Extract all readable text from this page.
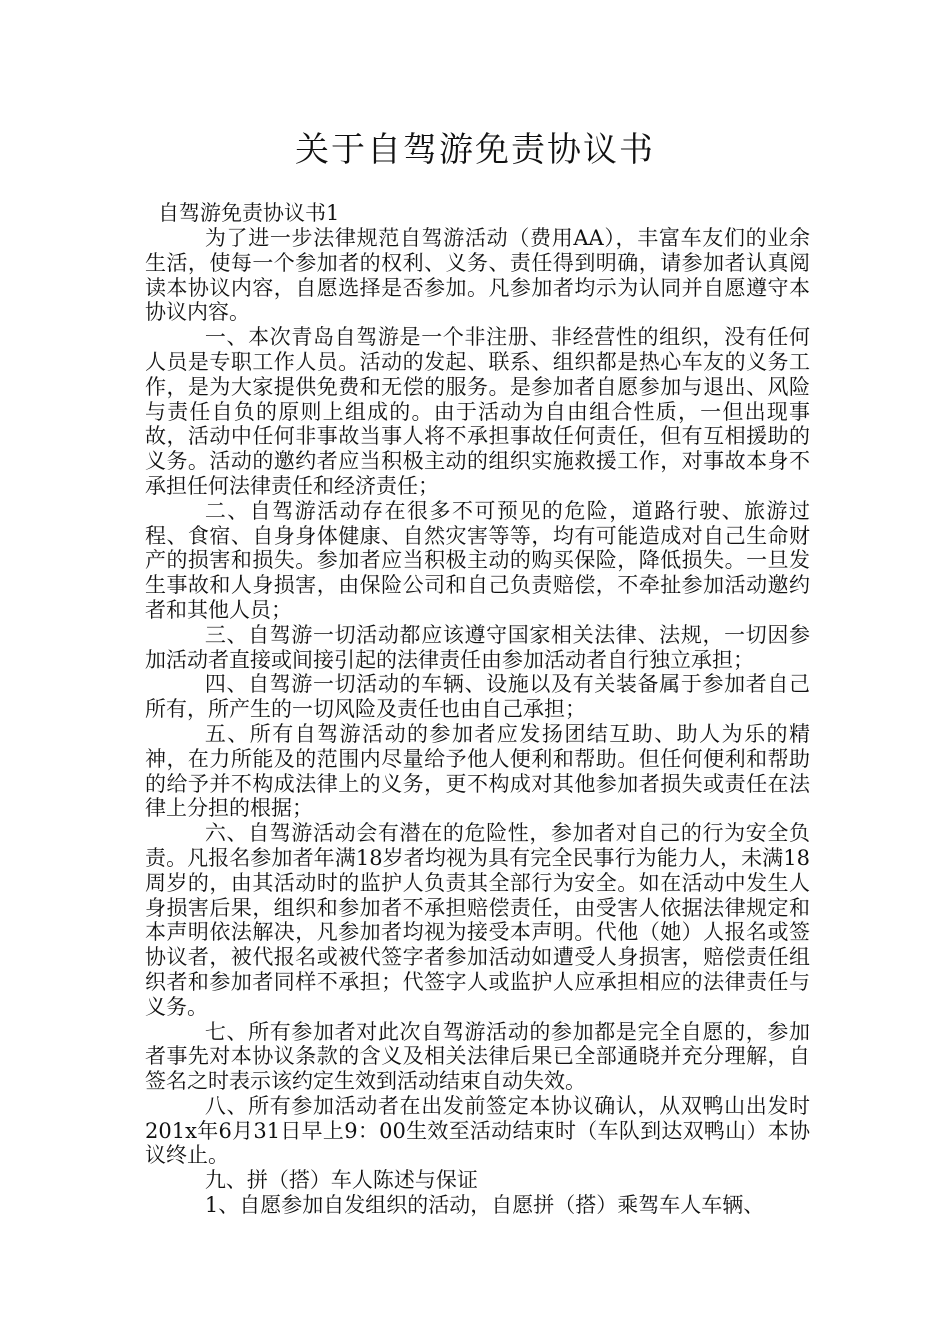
关于自驾游免责协议书

自驾游免责协议书1

为了进一步法律规范自驾游活动（费用AA），丰富车友们的业余生活，使每一个参加者的权利、义务、责任得到明确，请参加者认真阅读本协议内容，自愿选择是否参加。凡参加者均示为认同并自愿遵守本协议内容。

一、本次青岛自驾游是一个非注册、非经营性的组织，没有任何人员是专职工作人员。活动的发起、联系、组织都是热心车友的义务工作，是为大家提供免费和无偿的服务。是参加者自愿参加与退出、风险与责任自负的原则上组成的。由于活动为自由组合性质，一但出现事故，活动中任何非事故当事人将不承担事故任何责任，但有互相援助的义务。活动的邀约者应当积极主动的组织实施救援工作，对事故本身不承担任何法律责任和经济责任；

二、自驾游活动存在很多不可预见的危险，道路行驶、旅游过程、食宿、自身身体健康、自然灾害等等，均有可能造成对自己生命财产的损害和损失。参加者应当积极主动的购买保险，降低损失。一旦发生事故和人身损害，由保险公司和自己负责赔偿，不牵扯参加活动邀约者和其他人员；

三、自驾游一切活动都应该遵守国家相关法律、法规，一切因参加活动者直接或间接引起的法律责任由参加活动者自行独立承担；

四、自驾游一切活动的车辆、设施以及有关装备属于参加者自己所有，所产生的一切风险及责任也由自己承担；

五、所有自驾游活动的参加者应发扬团结互助、助人为乐的精神，在力所能及的范围内尽量给予他人便利和帮助。但任何便利和帮助的给予并不构成法律上的义务，更不构成对其他参加者损失或责任在法律上分担的根据；

六、自驾游活动会有潜在的危险性，参加者对自己的行为安全负责。凡报名参加者年满18岁者均视为具有完全民事行为能力人，未满18周岁的，由其活动时的监护人负责其全部行为安全。如在活动中发生人身损害后果，组织和参加者不承担赔偿责任，由受害人依据法律规定和本声明依法解决，凡参加者均视为接受本声明。代他（她）人报名或签协议者，被代报名或被代签字者参加活动如遭受人身损害，赔偿责任组织者和参加者同样不承担；代签字人或监护人应承担相应的法律责任与义务。

七、所有参加者对此次自驾游活动的参加都是完全自愿的，参加者事先对本协议条款的含义及相关法律后果已全部通晓并充分理解，自签名之时表示该约定生效到活动结束自动失效。

八、所有参加活动者在出发前签定本协议确认，从双鸭山出发时201x年6月31日早上9：00生效至活动结束时（车队到达双鸭山）本协议终止。

九、拼（搭）车人陈述与保证

1、自愿参加自发组织的活动，自愿拼（搭）乘驾车人车辆、
